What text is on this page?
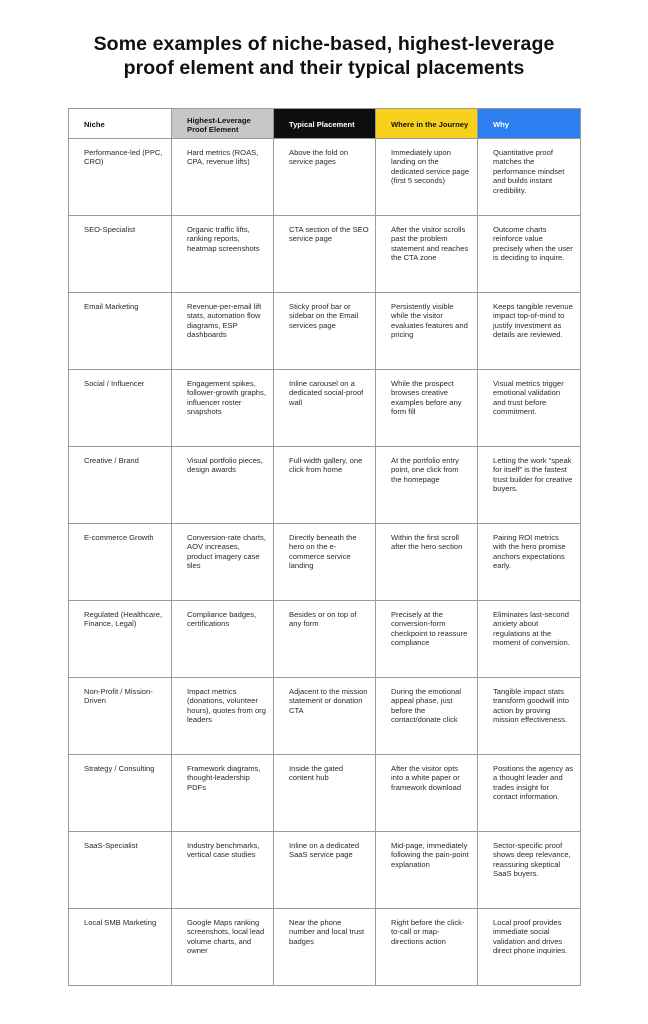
Some examples of niche-based, highest-leverage
proof element and their typical placements
Niche	Highest-Leverage Proof Element	Typical Placement	Where in the Journey	Why
Performance-led (PPC, CRO)	Hard metrics (ROAS, CPA, revenue lifts)	Above the fold on service pages	Immediately upon landing on the dedicated service page (first 5 seconds)	Quantitative proof matches the performance mindset and builds instant credibility.
SEO-Specialist	Organic traffic lifts, ranking reports, heatmap screenshots	CTA section of the SEO service page	After the visitor scrolls past the problem statement and reaches the CTA zone	Outcome charts reinforce value precisely when the user is deciding to inquire.
Email Marketing	Revenue-per-email lift stats, automation flow diagrams, ESP dashboards	Sticky proof bar or sidebar on the Email services page	Persistently visible while the visitor evaluates features and pricing	Keeps tangible revenue impact top-of-mind to justify investment as details are reviewed.
Social / Influencer	Engagement spikes, follower-growth graphs, influencer roster snapshots	Inline carousel on a dedicated social-proof wall	While the prospect browses creative examples before any form fill	Visual metrics trigger emotional validation and trust before commitment.
Creative / Brand	Visual portfolio pieces, design awards	Full-width gallery, one click from home	At the portfolio entry point, one click from the homepage	Letting the work “speak for itself” is the fastest trust builder for creative buyers.
E-commerce Growth	Conversion-rate charts, AOV increases, product imagery case tiles	Directly beneath the hero on the e-commerce service landing	Within the first scroll after the hero section	Pairing ROI metrics with the hero promise anchors expectations early.
Regulated (Healthcare, Finance, Legal)	Compliance badges, certifications	Besides or on top of any form	Precisely at the conversion-form checkpoint to reassure compliance	Eliminates last-second anxiety about regulations at the moment of conversion.
Non-Profit / Mission-Driven	Impact metrics (donations, volunteer hours), quotes from org leaders	Adjacent to the mission statement or donation CTA	During the emotional appeal phase, just before the contact/donate click	Tangible impact stats transform goodwill into action by proving mission effectiveness.
Strategy / Consulting	Framework diagrams, thought-leadership PDFs	Inside the gated content hub	After the visitor opts into a white paper or framework download	Positions the agency as a thought leader and trades insight for contact information.
SaaS-Specialist	Industry benchmarks, vertical case studies	Inline on a dedicated SaaS service page	Mid-page, immediately following the pain-point explanation	Sector-specific proof shows deep relevance, reassuring skeptical SaaS buyers.
Local SMB Marketing	Google Maps ranking screenshots, local lead volume charts, and owner	Near the phone number and local trust badges	Right before the click-to-call or map-directions action	Local proof provides immediate social validation and drives direct phone inquiries.
